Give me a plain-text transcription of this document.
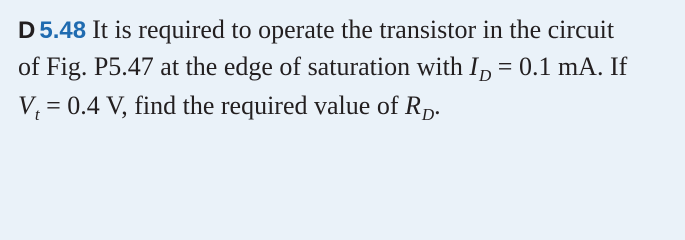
D 5.48 It is required to operate the transistor in the circuit
of Fig. P5.47 at the edge of saturation with $I_D = 0.1$ mA. If
$V_t = 0.4$ V, find the required value of $R_D$.
